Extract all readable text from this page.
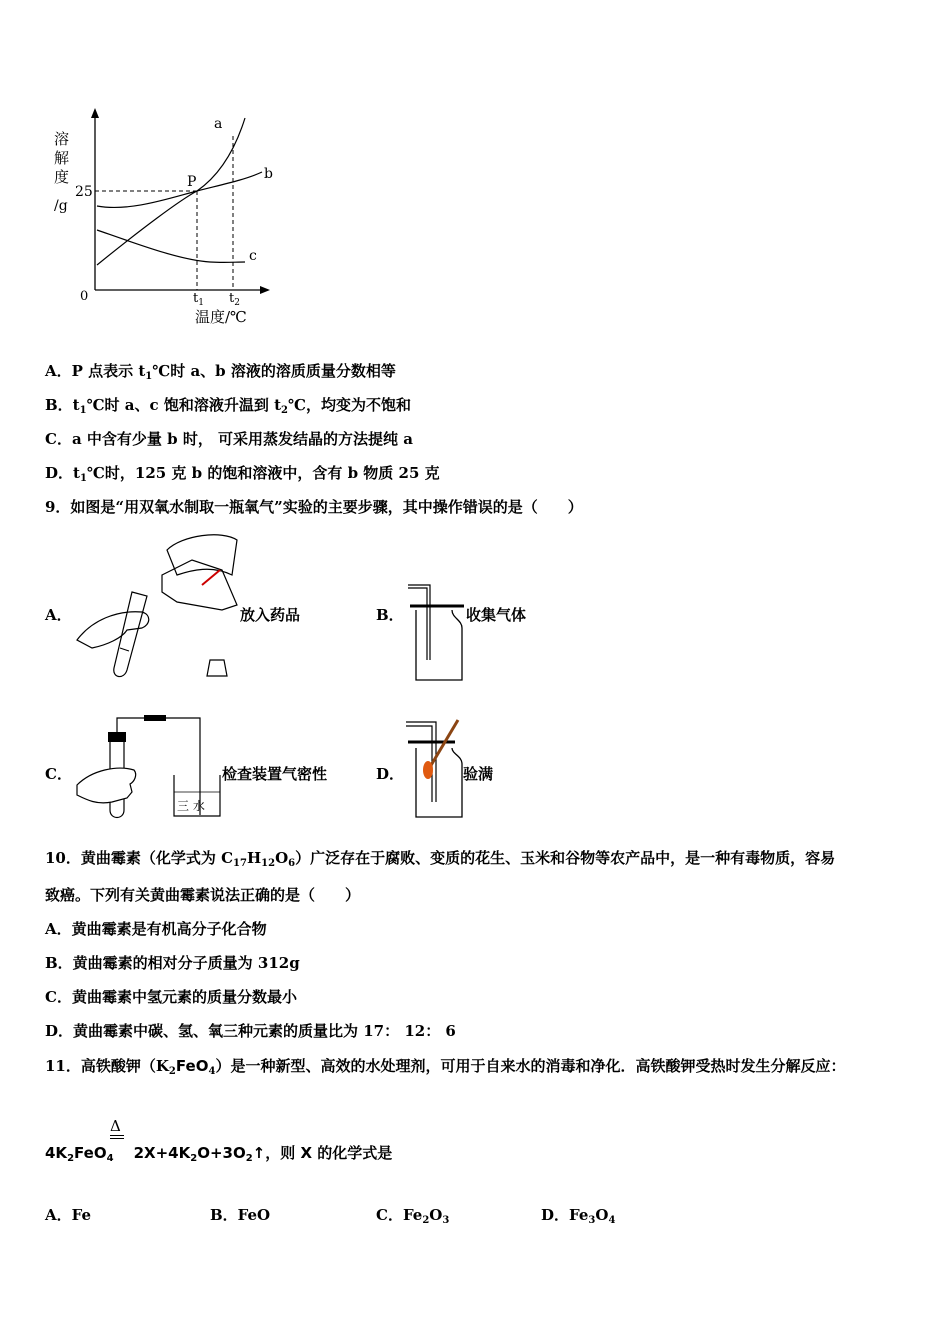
溶
解
度
/g
25
0	$t_1$ $t_2$
温度/℃
P
a
b
c
A．P 点表示 $t_1℃$时 a、b 溶液的溶质质量分数相等
B．$t_1℃$时 a、c 饱和溶液升温到 $t_2℃$，均变为不饱和
C．a 中含有少量 b 时， 可采用蒸发结晶的方法提纯 a
D．$t_1℃$时，125 克 b 的饱和溶液中，含有 b 物质 25 克
9．如图是“用双氧水制取一瓶氧气”实验的主要步骤，其中操作错误的是（　　）
A．	放入药品	B．	收集气体
C．
三 水
检查装置气密性	D．	验满
10．黄曲霉素（化学式为 $C_{17}H_{12}O_6$）广泛存在于腐败、变质的花生、玉米和谷物等农产品中，是一种有毒物质，容易
致癌。下列有关黄曲霉素说法正确的是（　　）
A．黄曲霉素是有机高分子化合物
B．黄曲霉素的相对分子质量为 312g
C．黄曲霉素中氢元素的质量分数最小
D．黄曲霉素中碳、氢、氧三种元素的质量比为 17： 12： 6
11．高铁酸钾$(K_2FeO_4)$是一种新型、高效的水处理剂，可用于自来水的消毒和净化．高铁酸钾受热时发生分解反应：
Δ
$4K_2FeO_4$ $2X+4K_2O+3O_2↑$，则 X 的化学式是
A．Fe	B．FeO	C．$Fe_2O_3$	D．$Fe_3O_4$
